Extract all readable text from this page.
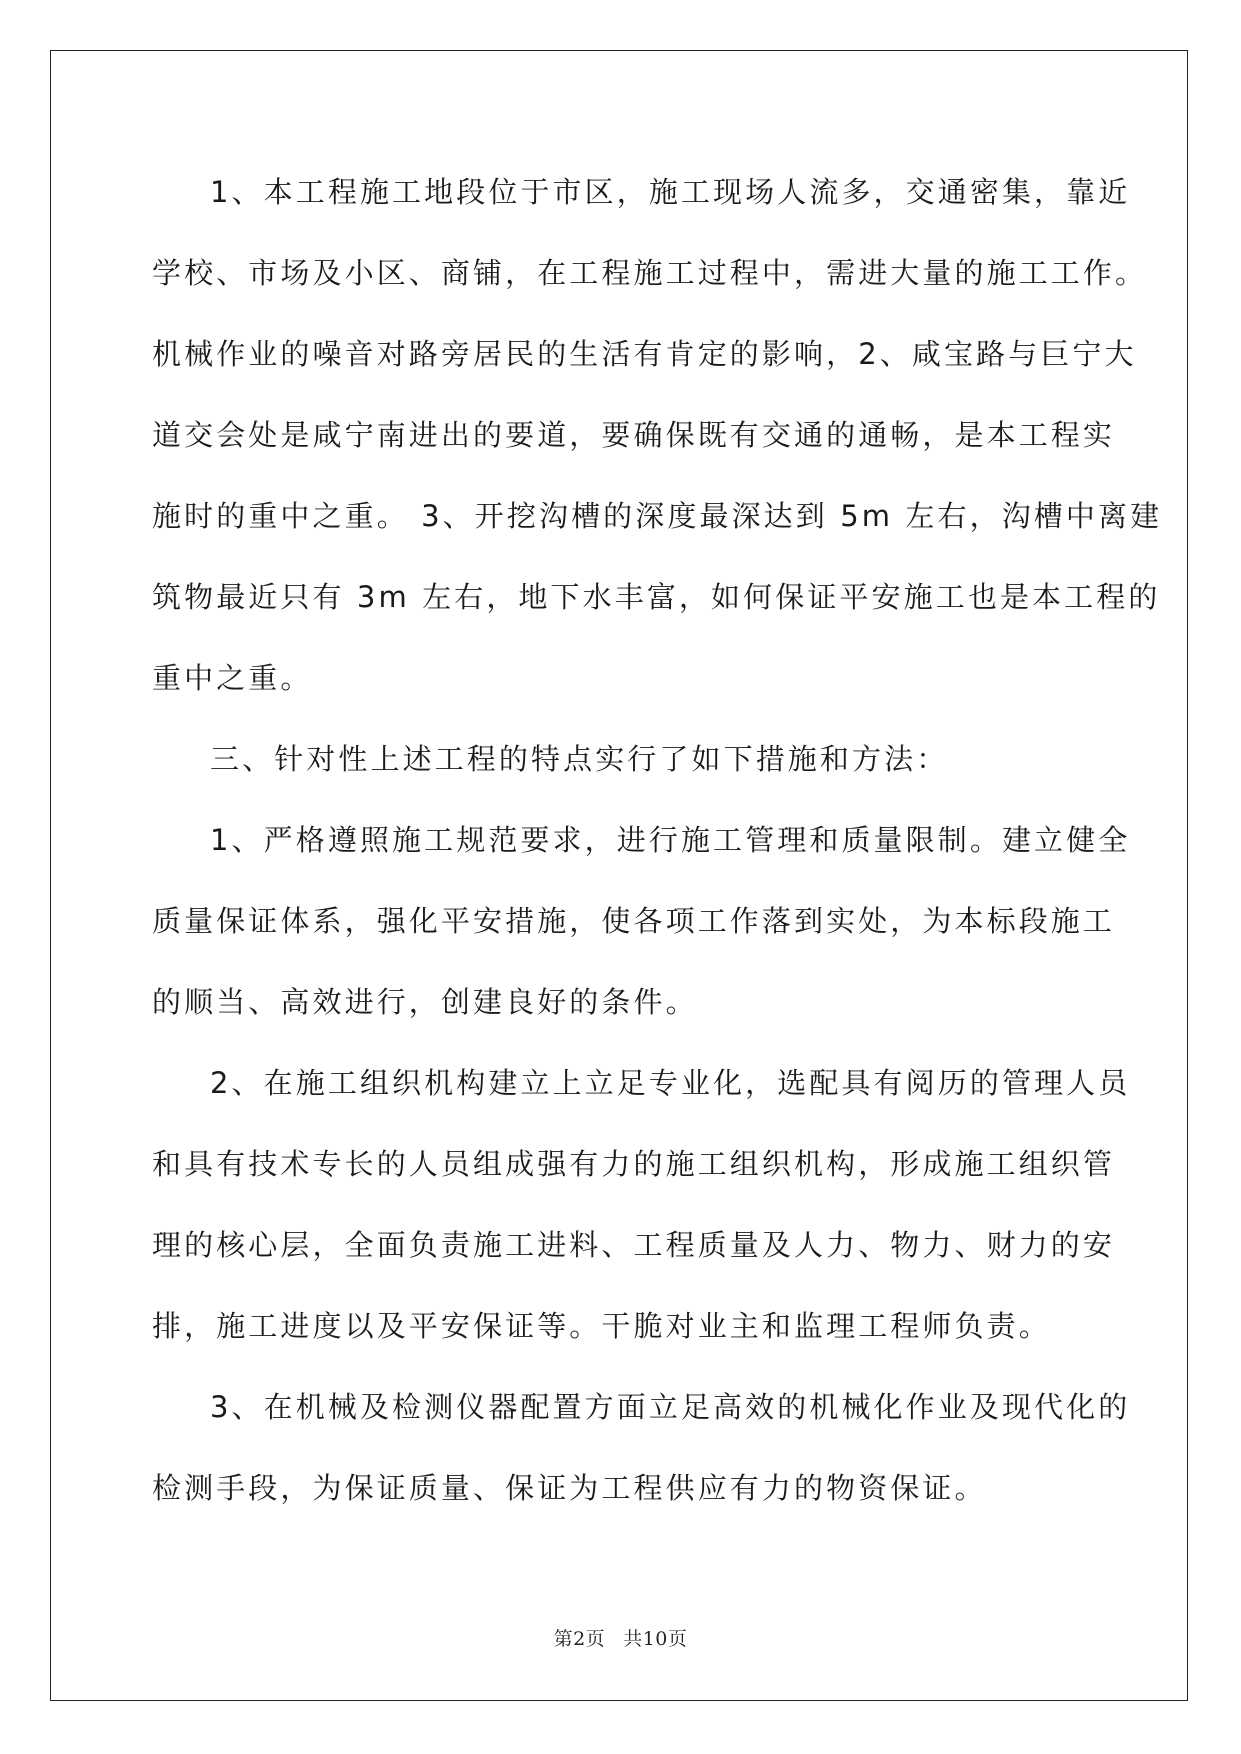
1、本工程施工地段位于市区，施工现场人流多，交通密集，靠近
学校、市场及小区、商铺，在工程施工过程中，需进大量的施工工作。
机械作业的噪音对路旁居民的生活有肯定的影响，2、咸宝路与巨宁大
道交会处是咸宁南进出的要道，要确保既有交通的通畅，是本工程实
施时的重中之重。 3、开挖沟槽的深度最深达到 5m 左右，沟槽中离建
筑物最近只有 3m 左右，地下水丰富，如何保证平安施工也是本工程的
重中之重。
三、针对性上述工程的特点实行了如下措施和方法：
1、严格遵照施工规范要求，进行施工管理和质量限制。建立健全
质量保证体系，强化平安措施，使各项工作落到实处，为本标段施工
的顺当、高效进行，创建良好的条件。
2、在施工组织机构建立上立足专业化，选配具有阅历的管理人员
和具有技术专长的人员组成强有力的施工组织机构，形成施工组织管
理的核心层，全面负责施工进料、工程质量及人力、物力、财力的安
排，施工进度以及平安保证等。干脆对业主和监理工程师负责。
3、在机械及检测仪器配置方面立足高效的机械化作业及现代化的
检测手段，为保证质量、保证为工程供应有力的物资保证。
第2页 共10页
